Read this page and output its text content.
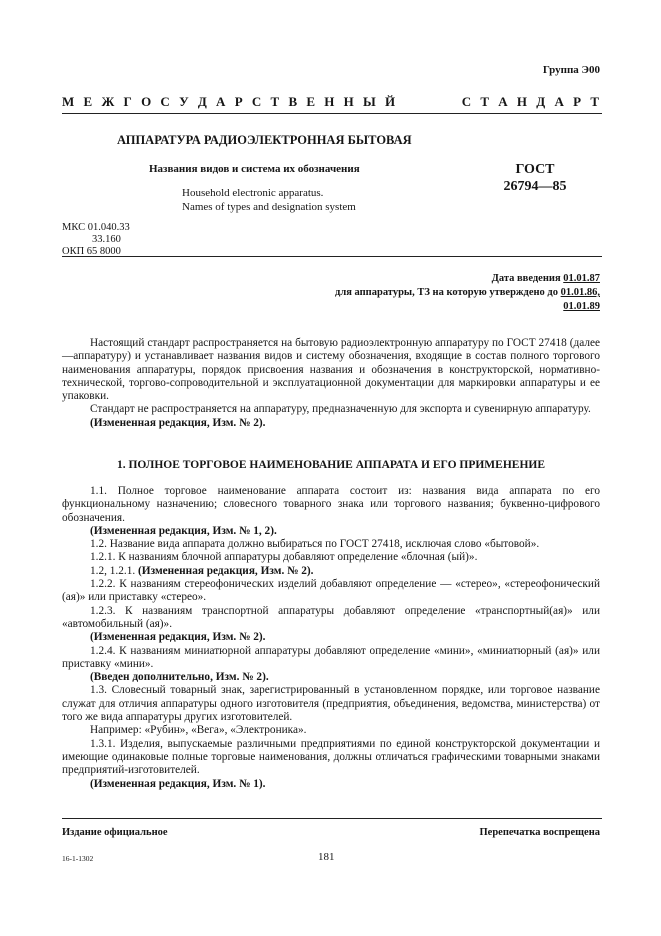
Группа Э00
М Е Ж Г О С У Д А Р С Т В Е Н Н Ы Й	С Т А Н Д А Р Т
АППАРАТУРА РАДИОЭЛЕКТРОННАЯ БЫТОВАЯ
Названия видов и система их обозначения	ГОСТ
26794—85
Household electronic apparatus.
Names of types and designation system
МКС 01.040.33
33.160
ОКП 65 8000
Дата введения 01.01.87
для аппаратуры, ТЗ на которую утверждено до 01.01.86,
01.01.89

Настоящий стандарт распространяется на бытовую радиоэлектронную аппаратуру по ГОСТ 27418 (далее—аппаратуру) и устанавливает названия видов и систему обозначения, входящие в состав полного торгового наименования аппаратуры, порядок присвоения названия и обозначения в конструкторской, нормативно-технической, торгово-сопроводительной и эксплуатационной документации для маркировки аппаратуры и ее упаковки.

Стандарт не распространяется на аппаратуру, предназначенную для экспорта и сувенирную аппаратуру.

(Измененная редакция, Изм. № 2).

1. ПОЛНОЕ ТОРГОВОЕ НАИМЕНОВАНИЕ АППАРАТА И ЕГО ПРИМЕНЕНИЕ

1.1. Полное торговое наименование аппарата состоит из: названия вида аппарата по его функциональному назначению; словесного товарного знака или торгового названия; буквенно-цифрового обозначения.

(Измененная редакция, Изм. № 1, 2).

1.2. Название вида аппарата должно выбираться по ГОСТ 27418, исключая слово «бытовой».

1.2.1. К названиям блочной аппаратуры добавляют определение «блочная (ый)».

1.2, 1.2.1. (Измененная редакция, Изм. № 2).

1.2.2. К названиям стереофонических изделий добавляют определение — «стерео», «стереофонический (ая)» или приставку «стерео».

1.2.3. К названиям транспортной аппаратуры добавляют определение «транспортный(ая)» или «автомобильный (ая)».

(Измененная редакция, Изм. № 2).

1.2.4. К названиям миниатюрной аппаратуры добавляют определение «мини», «миниатюрный (ая)» или приставку «мини».

(Введен дополнительно, Изм. № 2).

1.3. Словесный товарный знак, зарегистрированный в установленном порядке, или торговое название служат для отличия аппаратуры одного изготовителя (предприятия, объединения, ведомства, министерства) от того же вида аппаратуры других изготовителей.

Например: «Рубин», «Вега», «Электроника».

1.3.1. Изделия, выпускаемые различными предприятиями по единой конструкторской документации и имеющие одинаковые полные торговые наименования, должны отличаться графическими товарными знаками предприятий-изготовителей.

(Измененная редакция, Изм. № 1).

Издание официальное	Перепечатка воспрещена
16-1-1302	181
